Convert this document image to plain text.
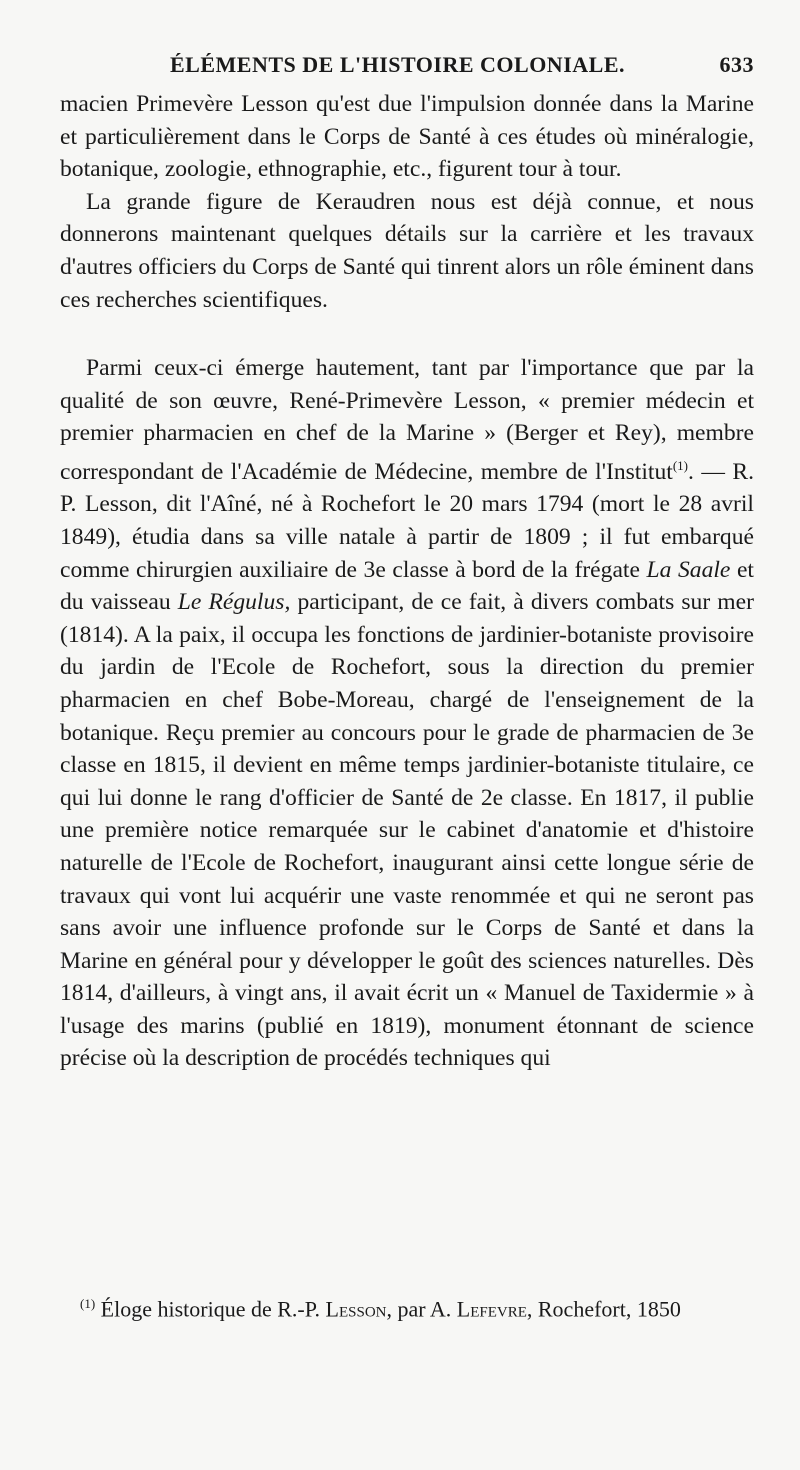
ÉLÉMENTS DE L'HISTOIRE COLONIALE.	633

macien Primevère Lesson qu'est due l'impulsion donnée dans la Marine et particulièrement dans le Corps de Santé à ces études où minéralogie, botanique, zoologie, ethnographie, etc., figurent tour à tour.

La grande figure de Keraudren nous est déjà connue, et nous donnerons maintenant quelques détails sur la carrière et les travaux d'autres officiers du Corps de Santé qui tinrent alors un rôle éminent dans ces recherches scientifiques.

Parmi ceux-ci émerge hautement, tant par l'importance que par la qualité de son œuvre, René-Primevère Lesson, « premier médecin et premier pharmacien en chef de la Marine » (Berger et Rey), membre correspondant de l'Académie de Médecine, membre de l'Institut$^{(1)}$. — R. P. Lesson, dit l'Aîné, né à Rochefort le 20 mars 1794 (mort le 28 avril 1849), étudia dans sa ville natale à partir de 1809 ; il fut embarqué comme chirurgien auxiliaire de 3e classe à bord de la frégate La Saale et du vaisseau Le Régulus, participant, de ce fait, à divers combats sur mer (1814). A la paix, il occupa les fonctions de jardinier-botaniste provisoire du jardin de l'Ecole de Rochefort, sous la direction du premier pharmacien en chef Bobe-Moreau, chargé de l'enseignement de la botanique. Reçu premier au concours pour le grade de pharmacien de 3e classe en 1815, il devient en même temps jardinier-botaniste titulaire, ce qui lui donne le rang d'officier de Santé de 2e classe. En 1817, il publie une première notice remarquée sur le cabinet d'anatomie et d'histoire naturelle de l'Ecole de Rochefort, inaugurant ainsi cette longue série de travaux qui vont lui acquérir une vaste renommée et qui ne seront pas sans avoir une influence profonde sur le Corps de Santé et dans la Marine en général pour y développer le goût des sciences naturelles. Dès 1814, d'ailleurs, à vingt ans, il avait écrit un « Manuel de Taxidermie » à l'usage des marins (publié en 1819), monument étonnant de science précise où la description de procédés techniques qui

$^{(1)}$ Éloge historique de R.-P. Lesson, par A. Lefevre, Rochefort, 1850
